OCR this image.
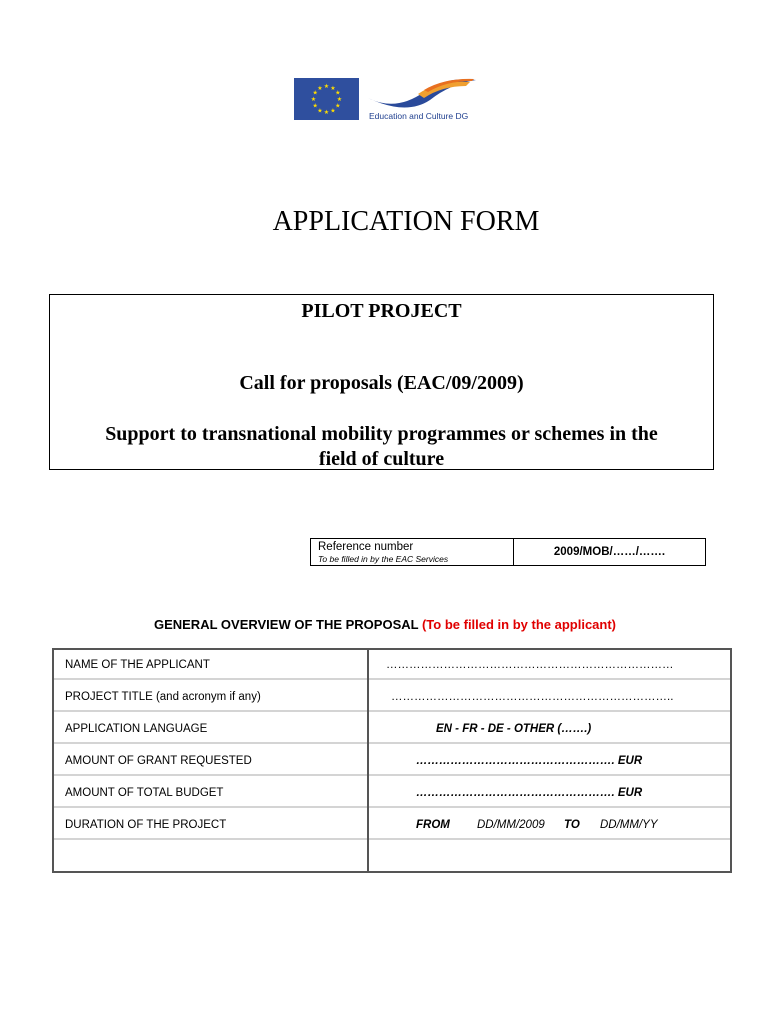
★ ★
★
★
★
★
★
★
★
★
★
★
Education and Culture DG
APPLICATION FORM
PILOT PROJECT
Call for proposals (EAC/09/2009)
Support to transnational mobility programmes or schemes in the
field of culture
Reference number
To be filled in by the EAC Services
2009/MOB/……/…….
GENERAL OVERVIEW OF THE PROPOSAL (To be filled in by the applicant)
NAME OF THE APPLICANT	…………………………………………………………………
PROJECT TITLE (and acronym if any)	………………………………………………………………..
APPLICATION LANGUAGE	EN - FR - DE - OTHER (…….)
AMOUNT OF GRANT REQUESTED	……………………………………………. EUR
AMOUNT OF TOTAL BUDGET	……………………………………………. EUR
DURATION OF THE PROJECT	FROM DD/MM/2009 TO DD/MM/YY
